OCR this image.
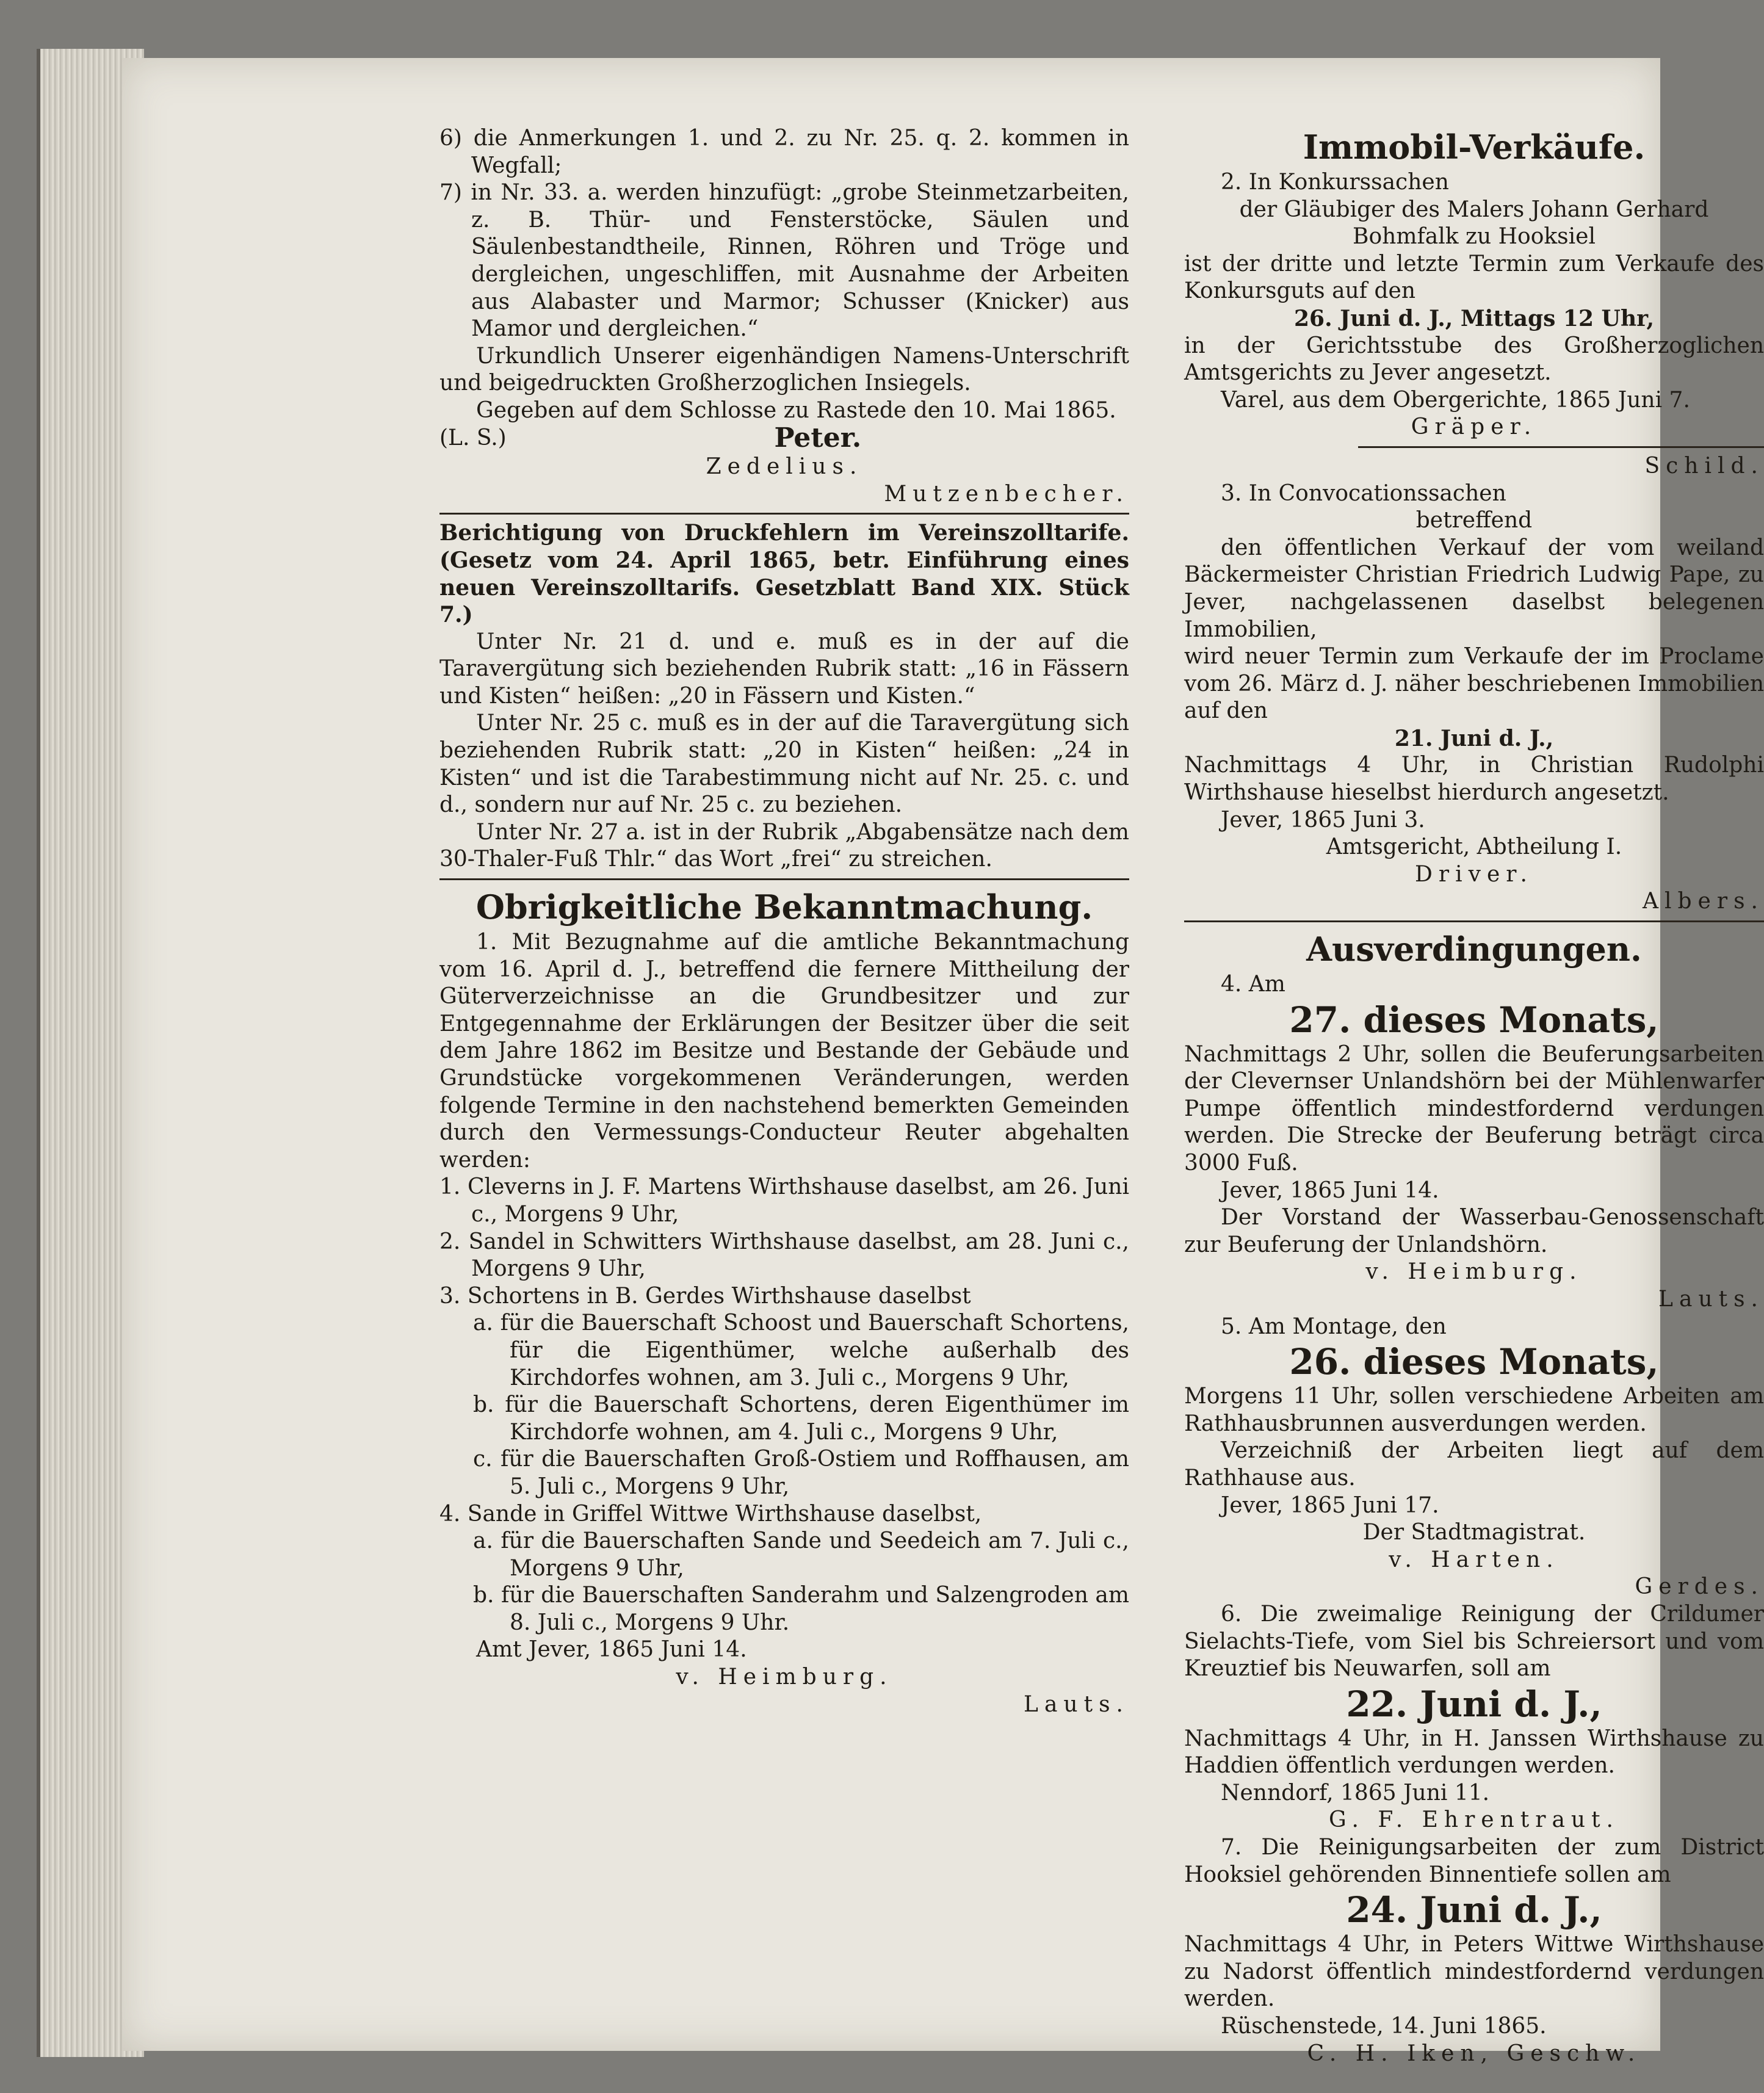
6) die Anmerkungen 1. und 2. zu Nr. 25. q. 2. kommen in Wegfall;

7) in Nr. 33. a. werden hinzufügt: „grobe Steinmetzarbeiten, z. B. Thür- und Fensterstöcke, Säulen und Säulenbestandtheile, Rinnen, Röhren und Tröge und dergleichen, ungeschliffen, mit Ausnahme der Arbeiten aus Alabaster und Marmor; Schusser (Knicker) aus Mamor und dergleichen.“

Urkundlich Unserer eigenhändigen Namens-Unterschrift und beigedruckten Großherzoglichen Insiegels.

Gegeben auf dem Schlosse zu Rastede den 10. Mai 1865.

(L. S.)	Peter.

Zedelius.

Mutzenbecher.

Berichtigung von Druckfehlern im Vereinszolltarife. (Gesetz vom 24. April 1865, betr. Einführung eines neuen Vereinszolltarifs. Gesetzblatt Band XIX. Stück 7.)

Unter Nr. 21 d. und e. muß es in der auf die Taravergütung sich beziehenden Rubrik statt: „16 in Fässern und Kisten“ heißen: „20 in Fässern und Kisten.“

Unter Nr. 25 c. muß es in der auf die Taravergütung sich beziehenden Rubrik statt: „20 in Kisten“ heißen: „24 in Kisten“ und ist die Tarabestimmung nicht auf Nr. 25. c. und d., sondern nur auf Nr. 25 c. zu beziehen.

Unter Nr. 27 a. ist in der Rubrik „Abgabensätze nach dem 30-Thaler-Fuß Thlr.“ das Wort „frei“ zu streichen.

Obrigkeitliche Bekanntmachung.

1. Mit Bezugnahme auf die amtliche Bekanntmachung vom 16. April d. J., betreffend die fernere Mittheilung der Güterverzeichnisse an die Grundbesitzer und zur Entgegennahme der Erklärungen der Besitzer über die seit dem Jahre 1862 im Besitze und Bestande der Gebäude und Grundstücke vorgekommenen Veränderungen, werden folgende Termine in den nachstehend bemerkten Gemeinden durch den Vermessungs-Conducteur Reuter abgehalten werden:

1. Cleverns in J. F. Martens Wirthshause daselbst, am 26. Juni c., Morgens 9 Uhr,

2. Sandel in Schwitters Wirthshause daselbst, am 28. Juni c., Morgens 9 Uhr,

3. Schortens in B. Gerdes Wirthshause daselbst

a. für die Bauerschaft Schoost und Bauerschaft Schortens, für die Eigenthümer, welche außerhalb des Kirchdorfes wohnen, am 3. Juli c., Morgens 9 Uhr,

b. für die Bauerschaft Schortens, deren Eigenthümer im Kirchdorfe wohnen, am 4. Juli c., Morgens 9 Uhr,

c. für die Bauerschaften Groß-Ostiem und Roffhausen, am 5. Juli c., Morgens 9 Uhr,

4. Sande in Griffel Wittwe Wirthshause daselbst,

a. für die Bauerschaften Sande und Seedeich am 7. Juli c., Morgens 9 Uhr,

b. für die Bauerschaften Sanderahm und Salzengroden am 8. Juli c., Morgens 9 Uhr.

Amt Jever, 1865 Juni 14.

v. Heimburg.

Lauts.

Immobil-Verkäufe.

2. In Konkurssachen

der Gläubiger des Malers Johann Gerhard Bohmfalk zu Hooksiel

ist der dritte und letzte Termin zum Verkaufe des Konkursguts auf den

26. Juni d. J., Mittags 12 Uhr,

in der Gerichtsstube des Großherzoglichen Amtsgerichts zu Jever angesetzt.

Varel, aus dem Obergerichte, 1865 Juni 7.

Gräper.

Schild.

3. In Convocationssachen

betreffend

den öffentlichen Verkauf der vom weiland Bäckermeister Christian Friedrich Ludwig Pape, zu Jever, nachgelassenen daselbst belegenen Immobilien,

wird neuer Termin zum Verkaufe der im Proclame vom 26. März d. J. näher beschriebenen Immobilien auf den

21. Juni d. J.,

Nachmittags 4 Uhr, in Christian Rudolphi Wirthshause hieselbst hierdurch angesetzt.

Jever, 1865 Juni 3.

Amtsgericht, Abtheilung I.

Driver.

Albers.

Ausverdingungen.

4. Am

27. dieses Monats,

Nachmittags 2 Uhr, sollen die Beuferungsarbeiten der Clevernser Unlandshörn bei der Mühlenwarfer Pumpe öffentlich mindestfordernd verdungen werden. Die Strecke der Beuferung beträgt circa 3000 Fuß.

Jever, 1865 Juni 14.

Der Vorstand der Wasserbau-Genossenschaft zur Beuferung der Unlandshörn.

v. Heimburg.

Lauts.

5. Am Montage, den

26. dieses Monats,

Morgens 11 Uhr, sollen verschiedene Arbeiten am Rathhausbrunnen ausverdungen werden.

Verzeichniß der Arbeiten liegt auf dem Rathhause aus.

Jever, 1865 Juni 17.

Der Stadtmagistrat.

v. Harten.

Gerdes.

6. Die zweimalige Reinigung der Crildumer Sielachts-Tiefe, vom Siel bis Schreiersort und vom Kreuztief bis Neuwarfen, soll am

22. Juni d. J.,

Nachmittags 4 Uhr, in H. Janssen Wirthshause zu Haddien öffentlich verdungen werden.

Nenndorf, 1865 Juni 11.

G. F. Ehrentraut.

7. Die Reinigungsarbeiten der zum District Hooksiel gehörenden Binnentiefe sollen am

24. Juni d. J.,

Nachmittags 4 Uhr, in Peters Wittwe Wirthshause zu Nadorst öffentlich mindestfordernd verdungen werden.

Rüschenstede, 14. Juni 1865.

C. H. Iken, Geschw.
